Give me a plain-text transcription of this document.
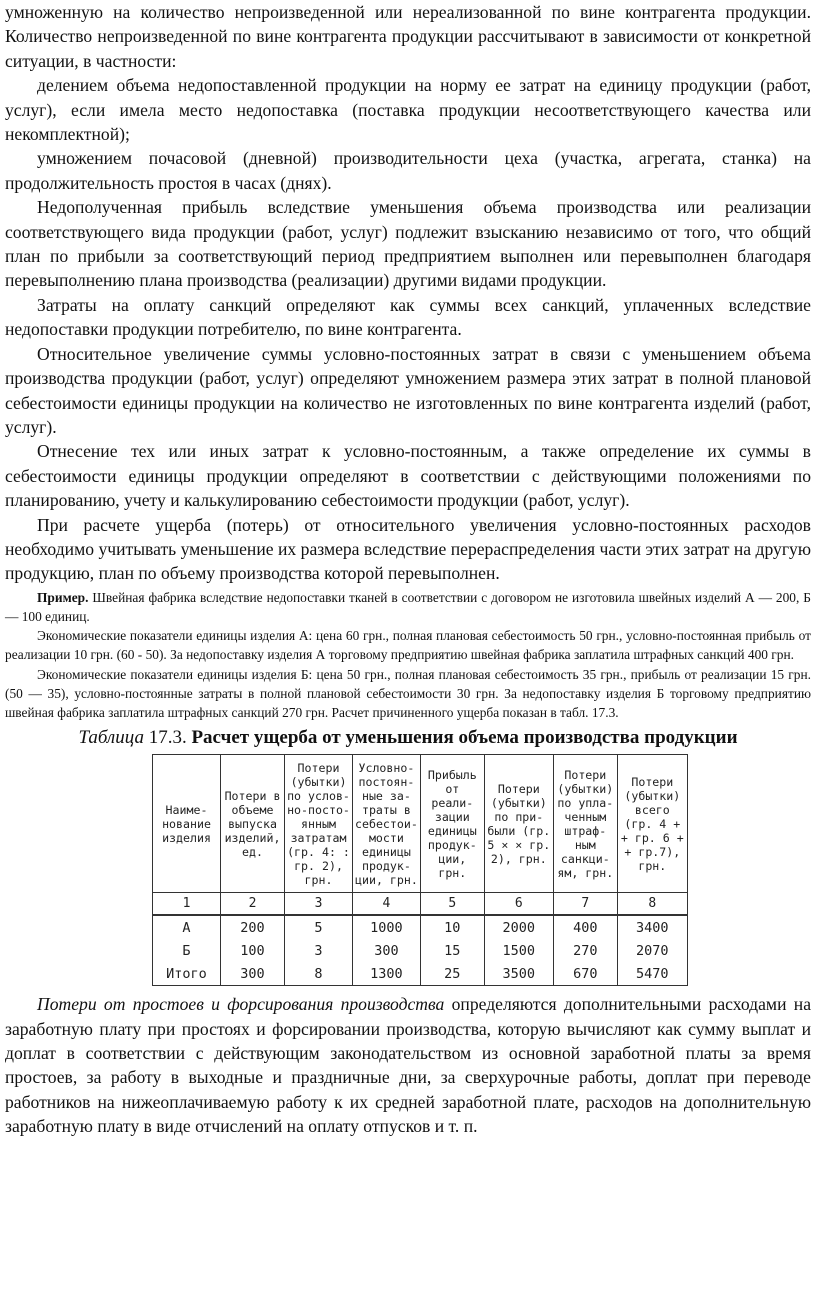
умноженную на количество непроизведенной или нереализованной по вине контрагента продукции. Количество непроизведенной по вине контрагента продукции рассчитывают в зависимости от конкретной ситуации, в частности:

делением объема недопоставленной продукции на норму ее затрат на единицу продукции (работ, услуг), если имела место недопоставка (поставка продукции несоответствующего качества или некомплектной);

умножением почасовой (дневной) производительности цеха (участка, агрегата, станка) на продолжительность простоя в часах (днях).

Недополученная прибыль вследствие уменьшения объема производства или реализации соответствующего вида продукции (работ, услуг) подлежит взысканию независимо от того, что общий план по прибыли за соответствующий период предприятием выполнен или перевыполнен благодаря перевыполнению плана производства (реализации) другими видами продукции.

Затраты на оплату санкций определяют как суммы всех санкций, уплаченных вследствие недопоставки продукции потребителю, по вине контрагента.

Относительное увеличение суммы условно-постоянных затрат в связи с уменьшением объема производства продукции (работ, услуг) определяют умножением размера этих затрат в полной плановой себестоимости единицы продукции на количество не изготовленных по вине контрагента изделий (работ, услуг).

Отнесение тех или иных затрат к условно-постоянным, а также определение их суммы в себестоимости единицы продукции определяют в соответствии с действующими положениями по планированию, учету и калькулированию себестоимости продукции (работ, услуг).

При расчете ущерба (потерь) от относительного увеличения условно-постоянных расходов необходимо учитывать уменьшение их размера вследствие перераспределения части этих затрат на другую продукцию, план по объему производства которой перевыполнен.

Пример. Швейная фабрика вследствие недопоставки тканей в соответствии с договором не изготовила швейных изделий А — 200, Б — 100 единиц.

Экономические показатели единицы изделия А: цена 60 грн., полная плановая себестоимость 50 грн., условно-постоянная прибыль от реализации 10 грн. (60 - 50). За недопоставку изделия А торговому предприятию швейная фабрика заплатила штрафных санкций 400 грн.

Экономические показатели единицы изделия Б: цена 50 грн., полная плановая себестоимость 35 грн., прибыль от реализации 15 грн. (50 — 35), условно-постоянные затраты в полной плановой себестоимости 30 грн. За недопоставку изделия Б торговому предприятию швейная фабрика заплатила штрафных санкций 270 грн. Расчет причиненного ущерба показан в табл. 17.3.

Таблица 17.3. Расчет ущерба от уменьшения объема производства продукции

Наиме-нование изделия	Потери в объеме выпуска изделий, ед.	Потери (убытки) по услов-но-посто-янным затратам (гр. 4: : гр. 2), грн.	Условно-постоян-ные за-траты в себестои-мости единицы продук-ции, грн.	Прибыль от реали-зации единицы продук-ции, грн.	Потери (убытки) по при-были (гр. 5 × × гр. 2), грн.	Потери (убытки) по упла-ченным штраф-ным санкци-ям, грн.	Потери (убытки) всего (гр. 4 + + гр. 6 + + гр.7), грн.
1	2	3	4	5	6	7	8
А	200	5	1000	10	2000	400	3400
Б	100	3	300	15	1500	270	2070
Итого	300	8	1300	25	3500	670	5470

Потери от простоев и форсирования производства определяются дополнительными расходами на заработную плату при простоях и форсировании производства, которую вычисляют как сумму выплат и доплат в соответствии с действующим законодательством из основной заработной платы за время простоев, за работу в выходные и праздничные дни, за сверхурочные работы, доплат при переводе работников на нижеоплачиваемую работу к их средней заработной плате, расходов на дополнительную заработную плату в виде отчислений на оплату отпусков и т. п.
